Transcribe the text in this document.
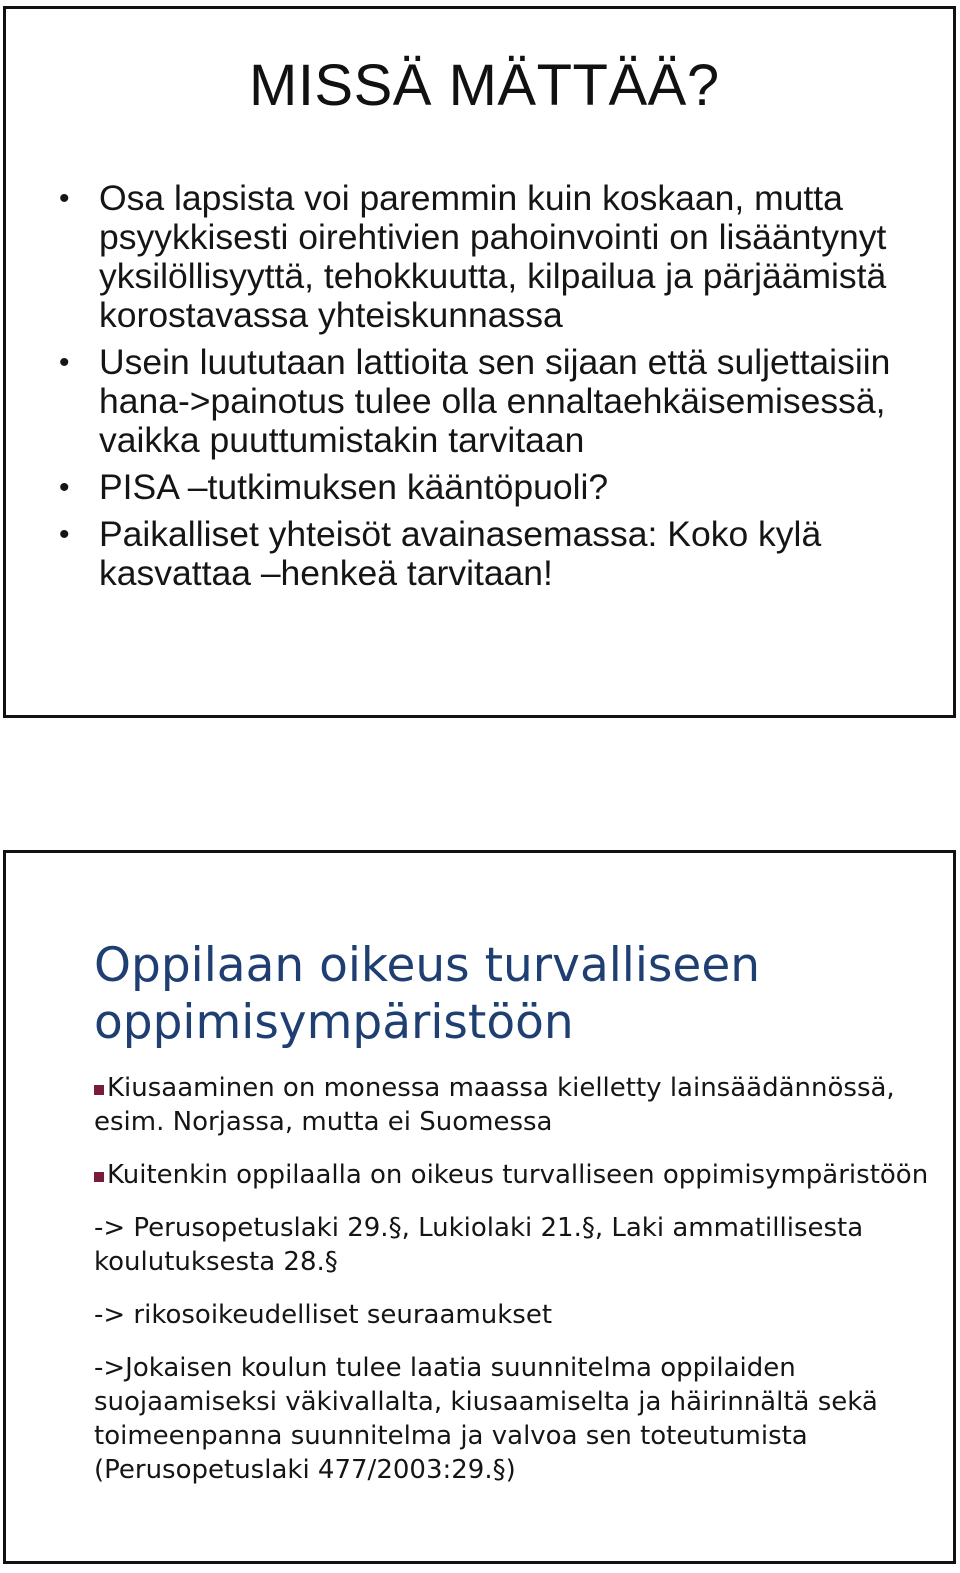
MISSÄ MÄTTÄÄ?
• Osa lapsista voi paremmin kuin koskaan, mutta psyykkisesti oirehtivien pahoinvointi on lisääntynyt yksilöllisyyttä, tehokkuutta, kilpailua ja pärjäämistä korostavassa yhteiskunnassa
• Usein luututaan lattioita sen sijaan että suljettaisiin hana->painotus tulee olla ennaltaehkäisemisessä, vaikka puuttumistakin tarvitaan
• PISA –tutkimuksen kääntöpuoli?
• Paikalliset yhteisöt avainasemassa: Koko kylä kasvattaa –henkeä tarvitaan!
Oppilaan oikeus turvalliseen oppimisympäristöön

Kiusaaminen on monessa maassa kielletty lainsäädännössä, esim. Norjassa, mutta ei Suomessa

Kuitenkin oppilaalla on oikeus turvalliseen oppimisympäristöön

-> Perusopetuslaki 29.§, Lukiolaki 21.§, Laki ammatillisesta koulutuksesta 28.§

-> rikosoikeudelliset seuraamukset

->Jokaisen koulun tulee laatia suunnitelma oppilaiden suojaamiseksi väkivallalta, kiusaamiselta ja häirinnältä sekä toimeenpanna suunnitelma ja valvoa sen toteutumista (Perusopetuslaki 477/2003:29.§)
